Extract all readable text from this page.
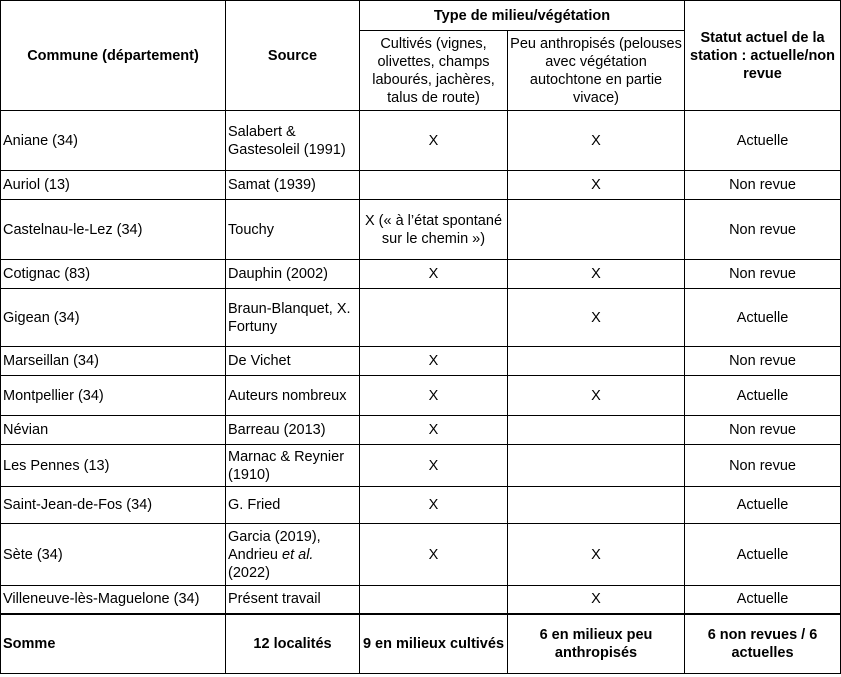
Commune (département)	Source	Type de milieu/végétation		Statut actuel de la station : actuelle/non revue
		Cultivés (vignes, olivettes, champs labourés, jachères, talus de route)	Peu anthropisés (pelouses avec végétation autochtone en partie vivace)	
Aniane (34)	Salabert & Gastesoleil (1991)	X	X	Actuelle
Auriol (13)	Samat (1939)		X	Non revue
Castelnau-le-Lez (34)	Touchy	X (« à l’état spontané sur le chemin »)		Non revue
Cotignac (83)	Dauphin (2002)	X	X	Non revue
Gigean (34)	Braun-Blanquet, X. Fortuny		X	Actuelle
Marseillan (34)	De Vichet	X		Non revue
Montpellier (34)	Auteurs nombreux	X	X	Actuelle
Névian	Barreau (2013)	X		Non revue
Les Pennes (13)	Marnac & Reynier (1910)	X		Non revue
Saint-Jean-de-Fos (34)	G. Fried	X		Actuelle
Sète (34)	Garcia (2019), Andrieu et al. (2022)	X	X	Actuelle
Villeneuve-lès-Maguelone (34)	Présent travail		X	Actuelle
Somme	12 localités	9 en milieux cultivés	6 en milieux peu anthropisés	6 non revues / 6 actuelles
